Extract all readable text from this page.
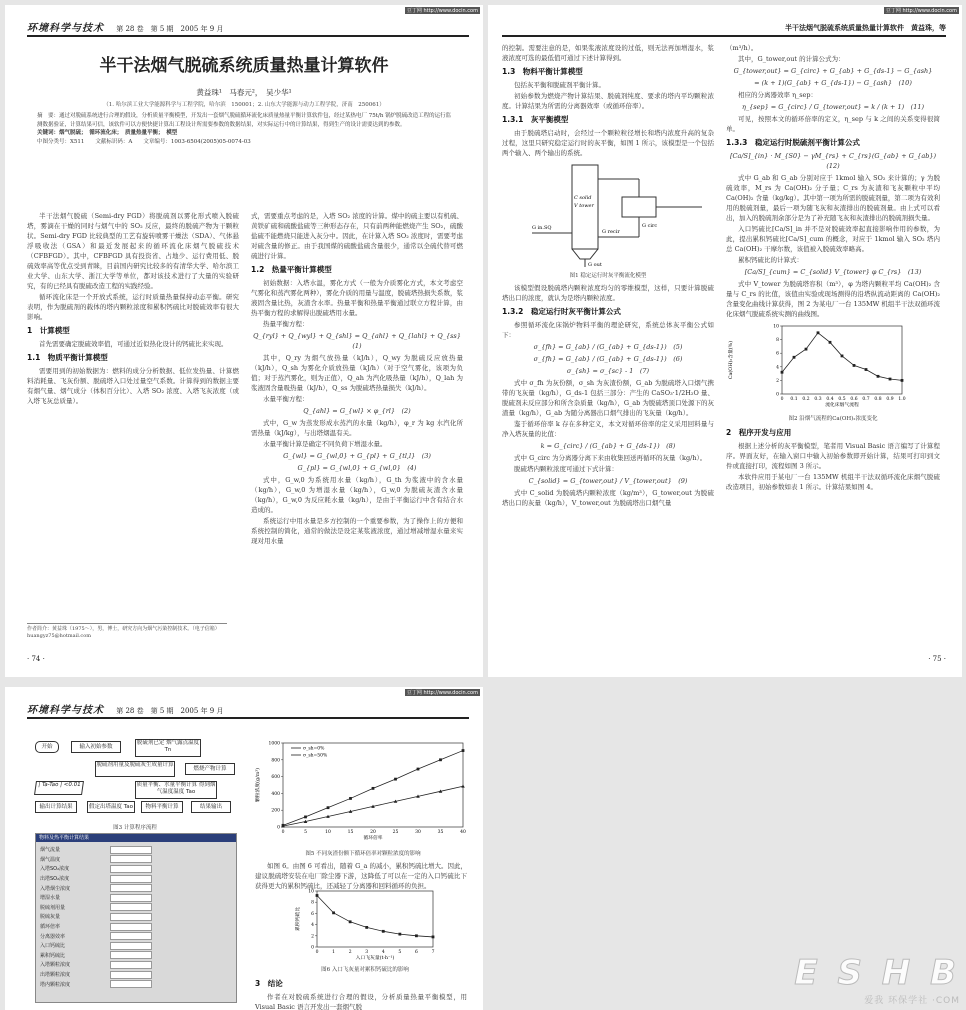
豆丁网 http://www.docin.com
环境科学与技术 第 28 卷　第 5 期　2005 年 9 月
半干法烟气脱硫系统质量热量计算软件
黄益珠¹　马春元²，　吴少华¹
（1. 哈尔滨工业大学能源科学与工程学院，哈尔滨　150001；2. 山东大学能源与动力工程学院，济南　250061）
摘　要：通过对脱硫系统进行合理的假设，分析质量平衡模型，开发出一套烟气脱硫循环流化床质量热量平衡计算软件包，经过某热电厂 75t/h 锅炉脱硫改造工程的运行监测数据验证，计算结果可信，该软件可以方便快捷计算出工程设计所需要参数的数据结果，对实际运行中的计算结果，得到生产的设计需要达到的参数。
关键词：烟气脱硫；　循环流化床；　质量热量平衡；　模型
中图分类号：X511　　文献标识码：A　　文章编号：1003-6504(2005)05-0074-03

半干法烟气脱硫（Semi-dry FGD）将脱硫剂以雾化形式喷入脱硫塔，雾滴在干燥的同时与烟气中的 SO₂ 反应，最终的脱硫产物为干颗粒状。Semi-dry FGD 比较典型的工艺有旋转喷雾干燥法（SDA）、气体悬浮吸收法（GSA）和最近发展起来的循环流化床烟气脱硫技术（CFBFGD）。其中，CFBFGD 具有投资省、占地少、运行费用低、脱硫效率高等优点受到青睐，目前国内研究比较多的有清华大学、哈尔滨工业大学、山东大学、浙江大学等单位，都对该技术进行了大量的实验研究，有的已经具有脱硫改造工程的实践经验。

循环流化床是一个开放式系统，运行时质量热量保持动态平衡。研究表明，作为脱硫剂的载体的塔内颗粒浓度和累积钙硫比对脱硫效率有很大影响。

1　计算模型

首先需要确定脱硫效率值，可通过近似热化设计的钙硫比来实现。

1.1　物质平衡计算模型

需要用到的初始数据为：燃料的成分分析数据、低位发热量、计算燃料消耗量、飞灰份额、脱硫塔入口处过量空气系数。计算得到的数据主要有烟气量、烟气成分（体积百分比）、入塔 SO₂ 浓度、入塔飞灰浓度（或入塔飞灰总质量）。

式，需要重点考虑的是，入塔 SO₂ 浓度的计算。煤中的硫主要以有机硫、黄铁矿硫和硫酸盐硫等三种形态存在，只有前两种能燃烧产生 SO₂，硫酸盐硫不能燃烧只能进入灰分中。因此，在计算入塔 SO₂ 浓度时，需要考虑对硫含量的修正。由于我国煤的硫酸盐硫含量很少，通常以全硫代替可燃硫进行计算。

1.2　热量平衡计算模型

初始数据：入塔水温，雾化方式（一般为介质雾化方式，本文考虑空气雾化和蒸汽雾化两种），雾化介质的用量与温度，脱硫塔热损失系数，浆液固含量比热，灰渣含水率。热量平衡和热量平衡通过联立方程计算，由热平衡方程的求解得出脱硫塔用水量。

热量平衡方程：

Q_{ryl} + Q_{wyl} + Q_{shl} = Q_{ahl} + Q_{lahl} + Q_{ss}　(1)

其中，Q_ry 为烟气放热量（kJ/h），Q_wy 为脱硫反应放热量（kJ/h），Q_sh 为雾化介质放热量（kJ/h）（对于空气雾化，该项为负值；对于蒸汽雾化，则为正值），Q_ah 为汽化吸热量（kJ/h），Q_lah 为浆液固含量吸热量（kJ/h），Q_ss 为脱硫塔热量损失（kJ/h）。

水量平衡方程：

Q_{ahl} = G_{wl} × φ_{rl}　(2)

式中，G_w 为蒸发形成水蒸汽的水量（kg/h），φ_r 为 kg 水汽化所需热量（kJ/kg），与出塔烟温有关。

水量平衡计算是确定不同负荷下增湿水量。

G_{wl} = G_{wl,0} + G_{pl} + G_{tl,l}　(3)
G_{pl} = G_{wl,0} + G_{wl,0}　(4)

式中，G_w,0 为系统用水量（kg/h），G_th 为浆液中的含水量（kg/h），G_w,0 为增湿水量（kg/h），G_w,0 为脱硫灰渣含水量（kg/h），G_w,0 为反应耗水量（kg/h），是由于平衡运行中含有结合水造成的。

系统运行中用水量是多方控制的一个重要参数，为了操作上的方便和系统控制的简化，通常的做法是设定某浆液浓度，通过增减增湿水量来实现对用水量

作者简介：黄益珠（1975～），男，博士，研究方向为烟气污染控制技术。（电子信箱）huangyz75@hotmail.com
· 74 ·
豆丁网 http://www.docin.com
半干法烟气脱硫系统质量热量计算软件　黄益珠，等

的控制。需要注意的是，如果浆液浓度设的过低，则无法再加增湿水，浆液浓度可选的最低值可通过下述计算得到。

1.3　物料平衡计算模型

包括灰平衡和脱硫剂平衡计算。

初始参数为燃烧产物计算结果、脱硫剂纯度、要求的塔内平均颗粒浓度。计算结果为所需的分离器效率（或循环倍率）。

1.3.1　灰平衡模型

由于脱硫塔启动时，会经过一个颗粒粒径增长和塔内浓度升高的复杂过程，这里只研究稳定运行时的灰平衡，如图 1 所示，该模型是一个包括两个输入、两个输出的系统。

G in.SQ
C solid
V tower
G recir
G circ
G out
图1 稳定运行时灰平衡流化模型

该模型假设脱硫塔内颗粒浓度均匀的零维模型，这样，只要计算脱硫塔出口的浓度，就认为是塔内颗粒浓度。

1.3.2　稳定运行时灰平衡计算公式

参照循环流化床锅炉物料平衡的理论研究，系统总体灰平衡公式如下：

σ_{fh} = G_{ab} / (G_{ab} + G_{ds-1})　(5)
σ_{fh} = G_{ab} / (G_{ab} + G_{ds-1})　(6)
σ_{sh} = σ_{sc} - 1　(7)

式中 σ_fh 为灰份额，σ_sh 为灰渣份额，G_ab 为脱硫塔入口烟气携带的飞灰量（kg/h），G_ds-1 包括三部分：产生的 CaSO₃·1/2H₂O 量、脱硫剂未反应部分和所含杂质量（kg/h），G_ab 为脱硫塔顶口处源下的灰渣量（kg/h），G_ab 为随分离器出口烟气排出的飞灰量（kg/h）。

鉴于循环倍率 k 存在多种定义，本文对循环倍率的定义采用回料量与净入塔灰量的比值：

k = G_{circ} / (G_{ab} + G_{ds-1})　(8)

式中 G_circ 为分离器分离下来由收集回送再循环的灰量（kg/h）。

脱硫塔内颗粒浓度可通过下式计算：

C_{solid} = G_{tower,out} / V_{tower,out}　(9)

式中 C_solid 为脱硫塔内颗粒浓度（kg/m³），G_tower,out 为脱硫塔出口的灰量（kg/h），V_tower,out 为脱硫塔出口烟气量

（m³/h）。

其中，G_tower,out 的计算公式为：

G_{tower,out} = G_{circ} + G_{ab} + G_{ds-1} − G_{ash}
= (k + 1)(G_{ab} + G_{ds-1}) − G_{ash}　(10)

相应的分离器效率 η_sep：

η_{sep} = G_{circ} / G_{tower,out} = k / (k + 1)　(11)

可见，按照本文的循环倍率的定义，η_sep 与 k 之间的关系变得很简单。

1.3.3　稳定运行时脱硫剂平衡计算公式
[Ca/S]_{in} · M_{S0} − γM_{rs} + C_{rs}(G_{ab} + G_{ab})　(12)

式中 G_ab 和 G_ab 分别对应于 1kmol 输入 SO₂ 来计算的；γ 为脱硫效率，M_rs 为 Ca(OH)₂ 分子量；C_rs 为灰渣和飞灰颗粒中平均 Ca(OH)₂ 含量（kg/kg）。其中第一项为所需的脱硫剂量，第二项为有效利用的脱硫剂量，最后一项为随飞灰和灰渣排出的脱硫剂量。由上式可以看出，加入的脱硫剂余部分是为了补充随飞灰和灰渣排出的脱硫剂损失量。

入口钙硫比[Ca/S]_in 并不是对脱硫效率起直接影响作用的参数，为此，提出累积钙硫比[Ca/S]_cum 的概念，对应于 1kmol 输入 SO₂ 塔内总 Ca(OH)₂ 干摩尔数，该值被入脱硫效率略高。

累积钙硫比的计算式：

[Ca/S]_{cum} = C_{solid} V_{tower} φ C_{rs}　(13)

式中 V_tower 为脱硫塔容积（m³），φ 为塔内颗粒平均 Ca(OH)₂ 含量与 C_rs 的比值，该值由实验或现场测得的沿塔纵流动距离的 Ca(OH)₂ 含量变化曲线计算获得，图 2 为某电厂一台 135MW 机组半干法双循环流化床烟气脱硫系统实测的曲线图。

0
2
4
6
8
10
0 0.1 0.2 0.3 0.4 0.5 0.6 0.7 0.8 0.9 1.0
流化床烟气流程
Ca(OH)₂含量(%)
图2 沿烟气流程的Ca(OH)₂浓度变化
2　程序开发与应用

根据上述分析的灰平衡模型，笔者用 Visual Basic 语言编写了计算程序。界面友好，在输入窗口中输入初始参数即开始计算，结果可打印到文件或直接打印，流程如图 3 所示。

本软件应用于某电厂一台 135MW 机组半干法双循环流化床烟气脱硫改造项目，初始参数如表 1 所示。计算结果如图 4。

· 75 ·
豆丁网 http://www.docin.com
环境科学与技术 第 28 卷　第 5 期　2005 年 9 月
开始	输入初始参数
脱硫剂已定 烟气露点温度 Tn
脱硫剂用量及脱硫灰生成量计算
燃烧产物计算
| Ta-Tao | <0.01	质量平衡、水量平衡计算 得到烟气温度温度 Tao
输出计算结果	假定出塔温度 Tao	物料平衡计算	结果输出
图3 计算程序流程
物料及热平衡计算结果
烟气流量
烟气温度
入塔SO₂浓度
出塔SO₂浓度
入塔烟尘浓度
增湿水量
脱硫剂用量
脱硫灰量
循环倍率
分离器效率
入口钙硫比
累积钙硫比
入塔颗粒浓度
出塔颗粒浓度
塔内颗粒浓度
0
200
400
600
800
1000
0	5	10	15	20	25	30	35	40
循环倍率
颗粒浓度(g/m³)
σ_sh=0%
σ_sh=50%
图5 不同灰渣份额下循环倍率对颗粒浓度的影响

如图 6。由图 6 可看出，随着 G_a 的减小，累积钙硫比增大。因此，建议脱硫塔安装在电厂除尘器下游，这降低了可以在一定的入口钙硫比下获得更大的累积钙硫比，还减轻了分离器和回料循环的负担。

0
2
4
6
8
10
0	1	2	3	4	5	6	7
入口飞灰量(t·h⁻¹)
累积钙硫比
图6 入口飞灰量对累积钙硫比的影响
3　结论

作者在对脱硫系统进行合理的假设，分析质量热量平衡模型，用 Visual Basic 语言开发出一套烟气脱

E S H B
爱我 环保学社 ·COM
